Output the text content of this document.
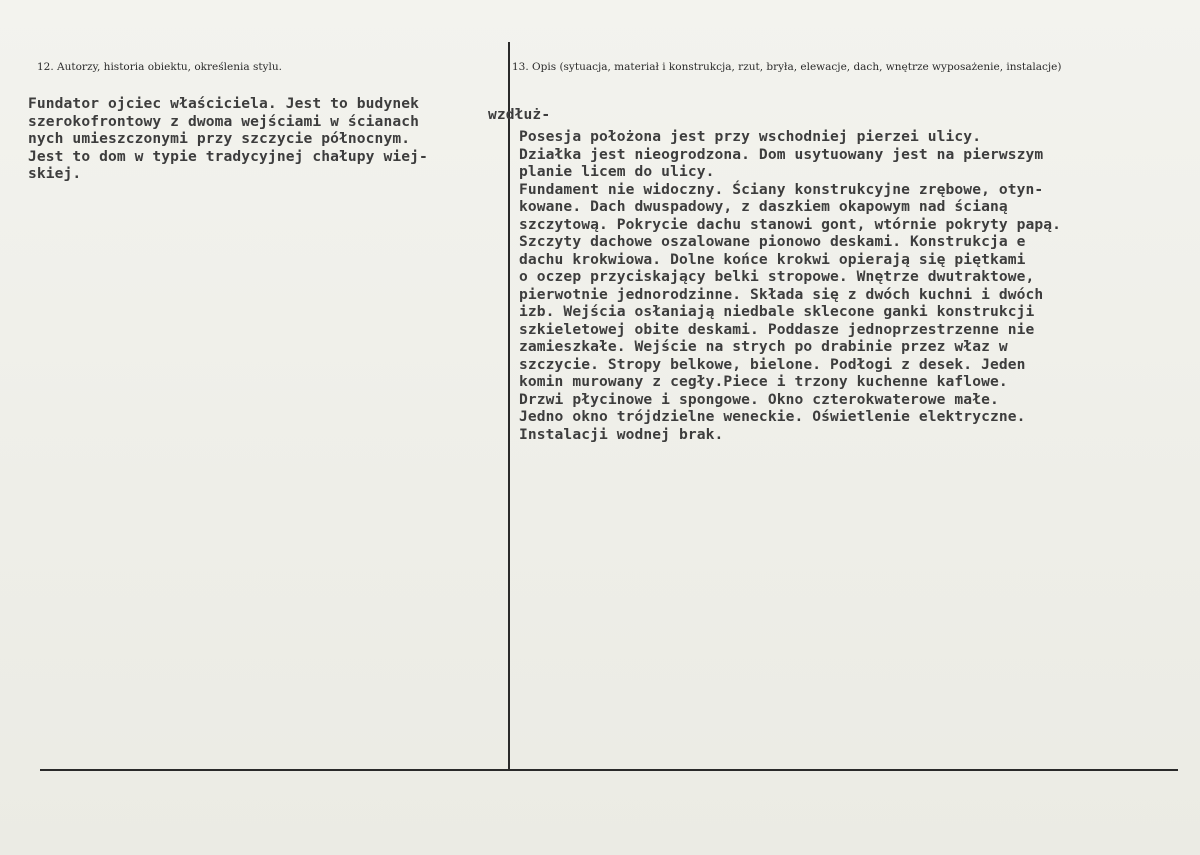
12. Autorzy, historia obiektu, określenia stylu.	13. Opis (sytuacja, materiał i konstrukcja, rzut, bryła, elewacje, dach, wnętrze wyposażenie, instalacje)
Fundator ojciec właściciela. Jest to budynek
szerokofrontowy z dwoma wejściami w ścianach
nych umieszczonymi przy szczycie północnym.
Jest to dom w typie tradycyjnej chałupy wiej-
skiej.
wzdłuż-
Posesja położona jest przy wschodniej pierzei ulicy.
Działka jest nieogrodzona. Dom usytuowany jest na pierwszym
planie licem do ulicy.
Fundament nie widoczny. Ściany konstrukcyjne zrębowe, otyn-
kowane. Dach dwuspadowy, z daszkiem okapowym nad ścianą
szczytową. Pokrycie dachu stanowi gont, wtórnie pokryty papą.
Szczyty dachowe oszalowane pionowo deskami. Konstrukcja e
dachu krokwiowa. Dolne końce krokwi opierają się piętkami
o oczep przyciskający belki stropowe. Wnętrze dwutraktowe,
pierwotnie jednorodzinne. Składa się z dwóch kuchni i dwóch
izb. Wejścia osłaniają niedbale sklecone ganki konstrukcji
szkieletowej obite deskami. Poddasze jednoprzestrzenne nie
zamieszkałe. Wejście na strych po drabinie przez właz w
szczycie. Stropy belkowe, bielone. Podłogi z desek. Jeden
komin murowany z cegły.Piece i trzony kuchenne kaflowe.
Drzwi płycinowe i spongowe. Okno czterokwaterowe małe.
Jedno okno trójdzielne weneckie. Oświetlenie elektryczne.
Instalacji wodnej brak.
